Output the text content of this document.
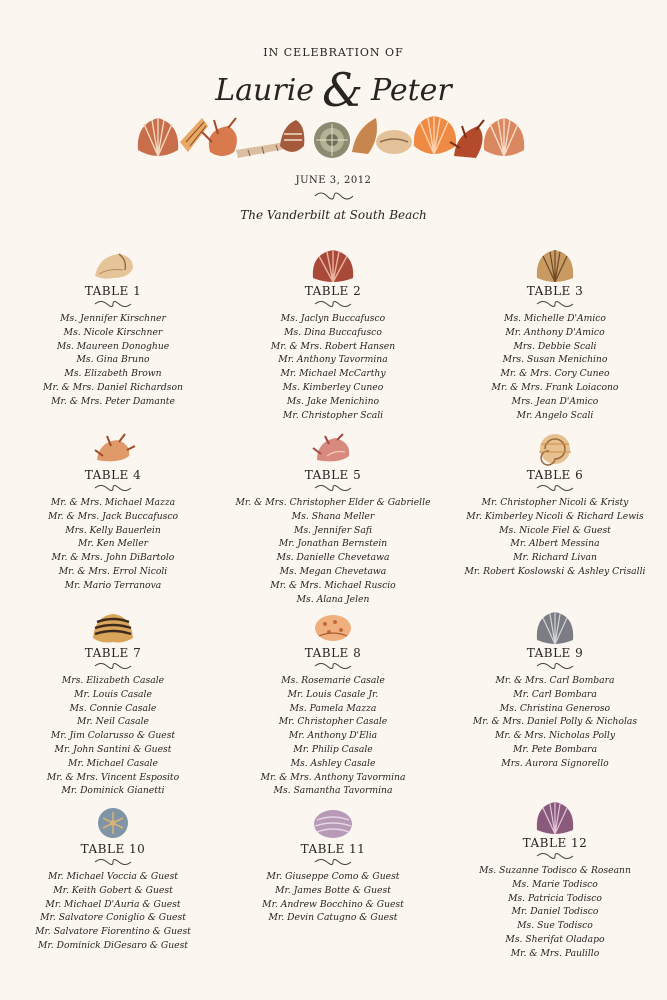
IN CELEBRATION OF
Laurie & Peter
JUNE 3, 2012
The Vanderbilt at South Beach
TABLE 1
Ms. Jennifer Kirschner
Ms. Nicole Kirschner
Ms. Maureen Donoghue
Ms. Gina Bruno
Ms. Elizabeth Brown
Mr. & Mrs. Daniel Richardson
Mr. & Mrs. Peter Damante
TABLE 2
Ms. Jaclyn Buccafusco
Ms. Dina Buccafusco
Mr. & Mrs. Robert Hansen
Mr. Anthony Tavormina
Mr. Michael McCarthy
Ms. Kimberley Cuneo
Ms. Jake Menichino
Mr. Christopher Scali
TABLE 3
Ms. Michelle D'Amico
Mr. Anthony D'Amico
Mrs. Debbie Scali
Mrs. Susan Menichino
Mr. & Mrs. Cory Cuneo
Mr. & Mrs. Frank Loiacono
Mrs. Jean D'Amico
Mr. Angelo Scali
TABLE 4
Mr. & Mrs. Michael Mazza
Mr. & Mrs. Jack Buccafusco
Mrs. Kelly Bauerlein
Mr. Ken Meller
Mr. & Mrs. John DiBartolo
Mr. & Mrs. Errol Nicoli
Mr. Mario Terranova
TABLE 5
Mr. & Mrs. Christopher Elder & Gabrielle
Ms. Shana Meller
Ms. Jennifer Safi
Mr. Jonathan Bernstein
Ms. Danielle Chevetawa
Ms. Megan Chevetawa
Mr. & Mrs. Michael Ruscio
Ms. Alana Jelen
TABLE 6
Mr. Christopher Nicoli & Kristy
Mr. Kimberley Nicoli & Richard Lewis
Ms. Nicole Fiel & Guest
Mr. Albert Messina
Mr. Richard Livan
Mr. Robert Koslowski & Ashley Crisalli
TABLE 7
Mrs. Elizabeth Casale
Mr. Louis Casale
Ms. Connie Casale
Mr. Neil Casale
Mr. Jim Colarusso & Guest
Mr. John Santini & Guest
Mr. Michael Casale
Mr. & Mrs. Vincent Esposito
Mr. Dominick Gianetti
TABLE 8
Ms. Rosemarie Casale
Mr. Louis Casale Jr.
Ms. Pamela Mazza
Mr. Christopher Casale
Mr. Anthony D'Elia
Mr. Philip Casale
Ms. Ashley Casale
Mr. & Mrs. Anthony Tavormina
Ms. Samantha Tavormina
TABLE 9
Mr. & Mrs. Carl Bombara
Mr. Carl Bombara
Ms. Christina Generoso
Mr. & Mrs. Daniel Polly & Nicholas
Mr. & Mrs. Nicholas Polly
Mr. Pete Bombara
Mrs. Aurora Signorello
TABLE 10
Mr. Michael Voccia & Guest
Mr. Keith Gobert & Guest
Mr. Michael D'Auria & Guest
Mr. Salvatore Coniglio & Guest
Mr. Salvatore Fiorentino & Guest
Mr. Dominick DiGesaro & Guest
TABLE 11
Mr. Giuseppe Como & Guest
Mr. James Botte & Guest
Mr. Andrew Bocchino & Guest
Mr. Devin Catugno & Guest
TABLE 12
Ms. Suzanne Todisco & Roseann
Ms. Marie Todisco
Ms. Patricia Todisco
Mr. Daniel Todisco
Ms. Sue Todisco
Ms. Sherifat Oladapo
Mr. & Mrs. Paulillo
